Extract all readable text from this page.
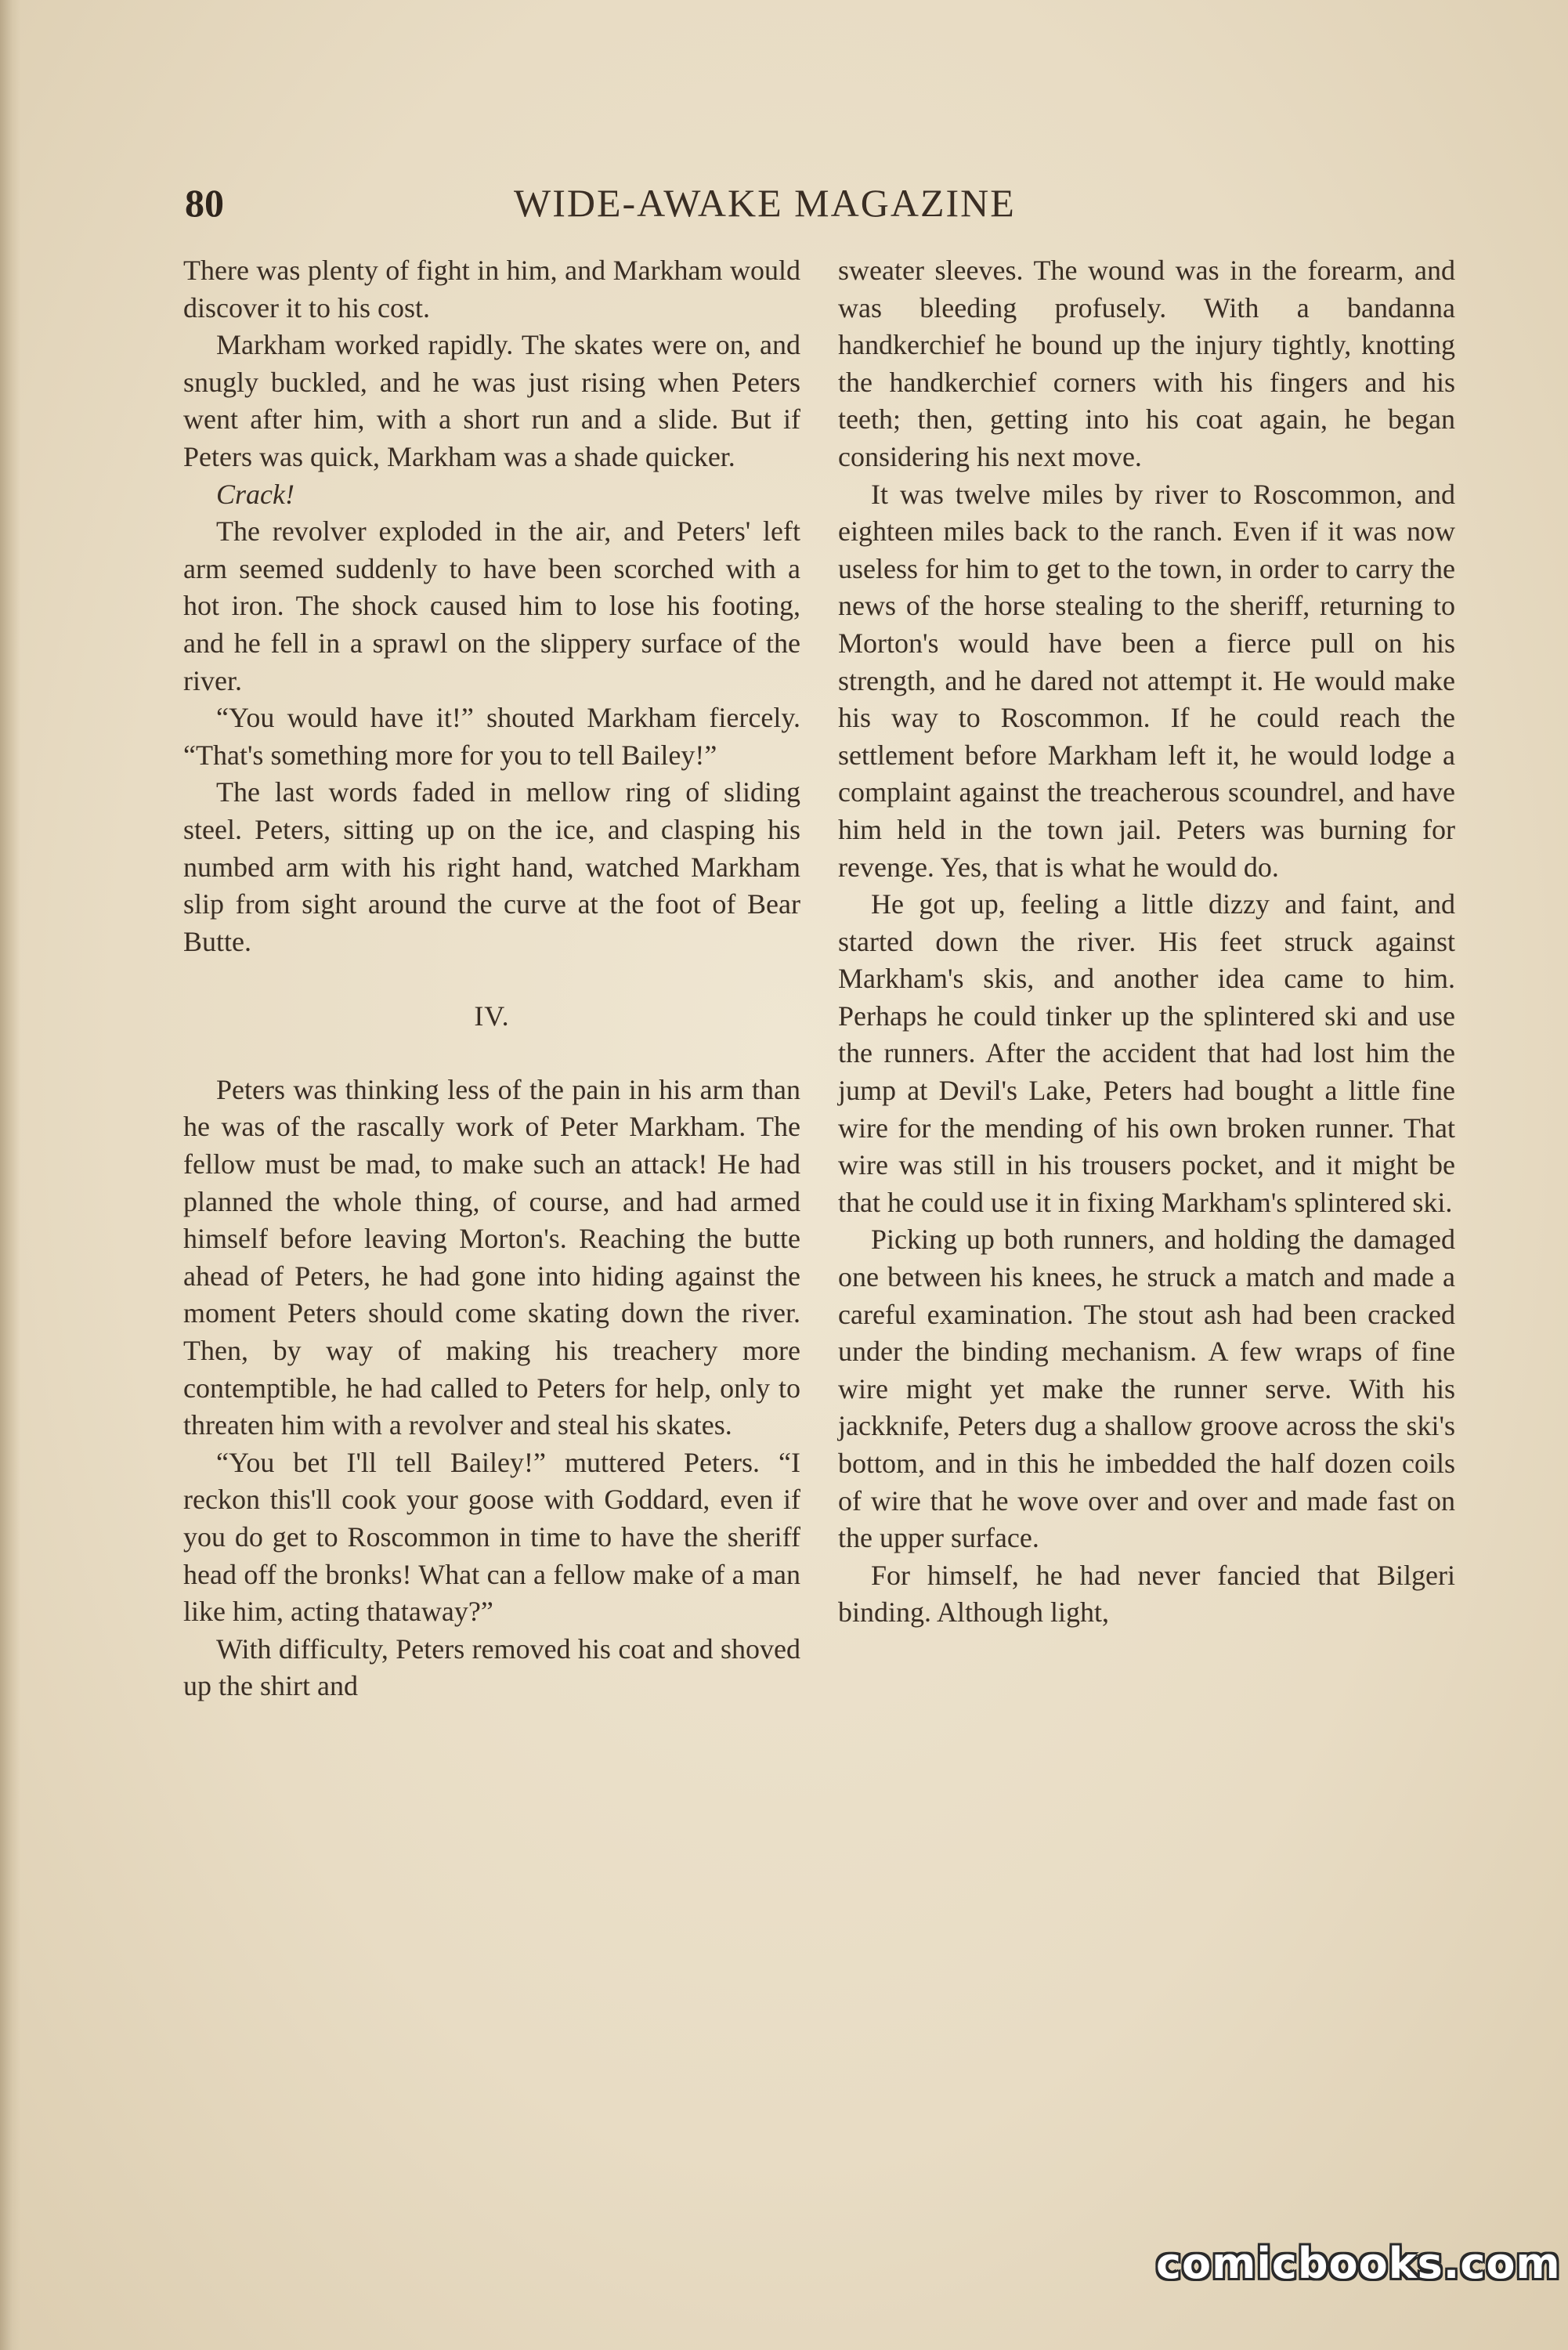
80	WIDE-AWAKE MAGAZINE

There was plenty of fight in him, and Markham would discover it to his cost.

Markham worked rapidly. The skates were on, and snugly buckled, and he was just rising when Peters went after him, with a short run and a slide. But if Peters was quick, Markham was a shade quicker.

Crack!

The revolver exploded in the air, and Peters' left arm seemed suddenly to have been scorched with a hot iron. The shock caused him to lose his footing, and he fell in a sprawl on the slippery surface of the river.

“You would have it!” shouted Markham fiercely. “That's something more for you to tell Bailey!”

The last words faded in mellow ring of sliding steel. Peters, sitting up on the ice, and clasping his numbed arm with his right hand, watched Markham slip from sight around the curve at the foot of Bear Butte.

IV.

Peters was thinking less of the pain in his arm than he was of the rascally work of Peter Markham. The fellow must be mad, to make such an attack! He had planned the whole thing, of course, and had armed himself before leaving Morton's. Reaching the butte ahead of Peters, he had gone into hiding against the moment Peters should come skating down the river. Then, by way of making his treachery more contemptible, he had called to Peters for help, only to threaten him with a revolver and steal his skates.

“You bet I'll tell Bailey!” muttered Peters. “I reckon this'll cook your goose with Goddard, even if you do get to Roscommon in time to have the sheriff head off the bronks! What can a fellow make of a man like him, acting thataway?”

With difficulty, Peters removed his coat and shoved up the shirt and

sweater sleeves. The wound was in the forearm, and was bleeding profusely. With a bandanna handkerchief he bound up the injury tightly, knotting the handkerchief corners with his fingers and his teeth; then, getting into his coat again, he began considering his next move.

It was twelve miles by river to Roscommon, and eighteen miles back to the ranch. Even if it was now useless for him to get to the town, in order to carry the news of the horse stealing to the sheriff, returning to Morton's would have been a fierce pull on his strength, and he dared not attempt it. He would make his way to Roscommon. If he could reach the settlement before Markham left it, he would lodge a complaint against the treacherous scoundrel, and have him held in the town jail. Peters was burning for revenge. Yes, that is what he would do.

He got up, feeling a little dizzy and faint, and started down the river. His feet struck against Markham's skis, and another idea came to him. Perhaps he could tinker up the splintered ski and use the runners. After the accident that had lost him the jump at Devil's Lake, Peters had bought a little fine wire for the mending of his own broken runner. That wire was still in his trousers pocket, and it might be that he could use it in fixing Markham's splintered ski.

Picking up both runners, and holding the damaged one between his knees, he struck a match and made a careful examination. The stout ash had been cracked under the binding mechanism. A few wraps of fine wire might yet make the runner serve. With his jackknife, Peters dug a shallow groove across the ski's bottom, and in this he imbedded the half dozen coils of wire that he wove over and over and made fast on the upper surface.

For himself, he had never fancied that Bilgeri binding. Although light,

comicbooks.com
